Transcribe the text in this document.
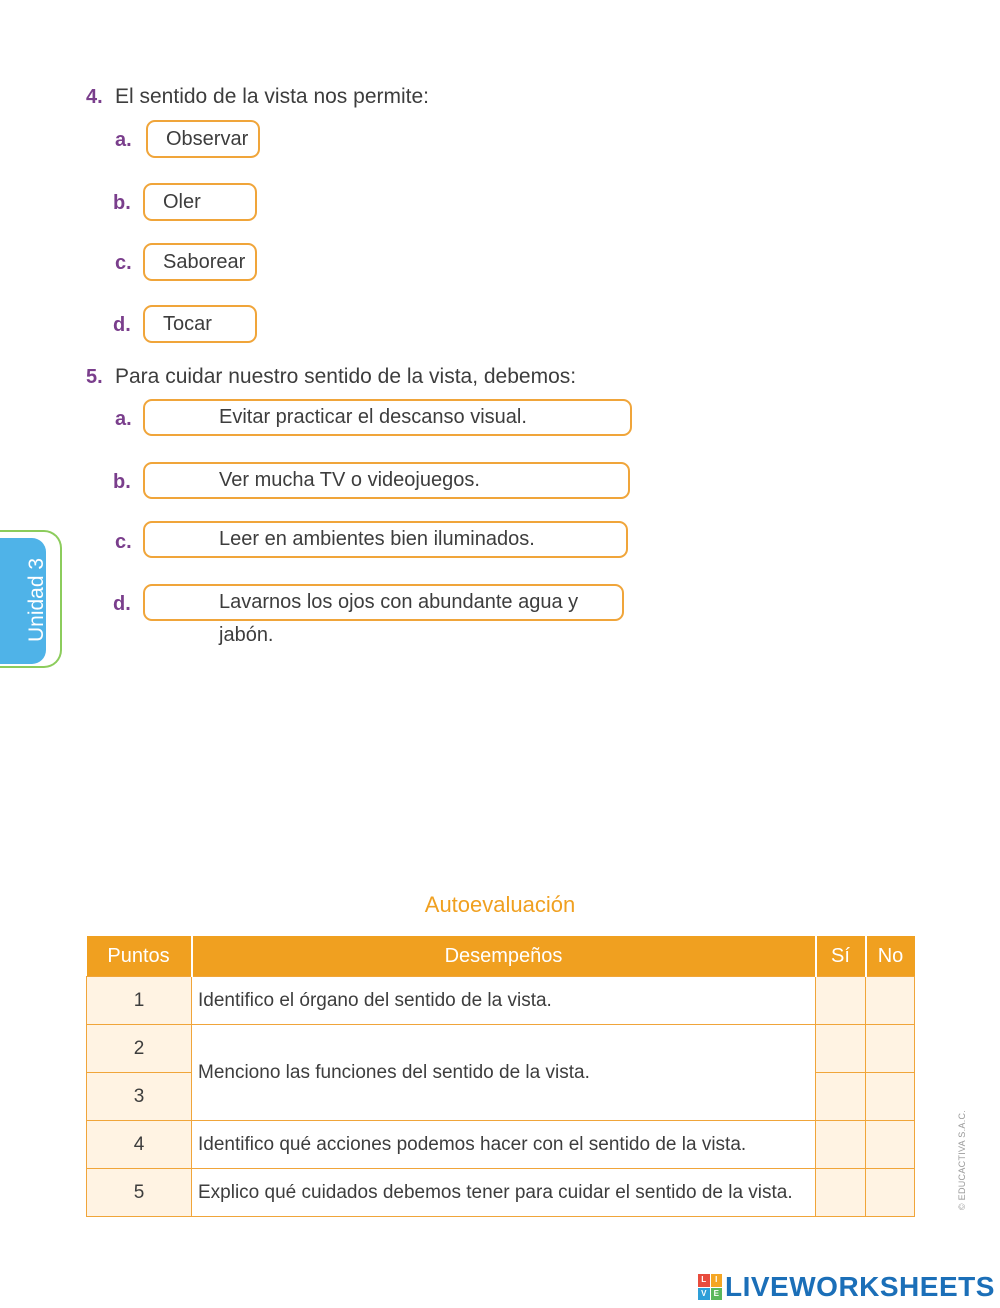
4. El sentido de la vista nos permite:
a.	Observar
b.	Oler
c.	Saborear
d.	Tocar
5. Para cuidar nuestro sentido de la vista, debemos:
a.	Evitar practicar el descanso visual.
b.	Ver mucha TV o videojuegos.
c.	Leer en ambientes bien iluminados.
d.	Lavarnos los ojos con abundante agua y jabón.
Unidad 3
Autoevaluación
Puntos	Desempeños	Sí	No
1	Identifico el órgano del sentido de la vista.		
2	Menciono las funciones del sentido de la vista.		
3			
4	Identifico qué acciones podemos hacer con el sentido de la vista.		
5	Explico qué cuidados debemos tener para cuidar el sentido de la vista.			© EDUCACTIVA S.A.C.
L	I
V E LIVEWORKSHEETS
